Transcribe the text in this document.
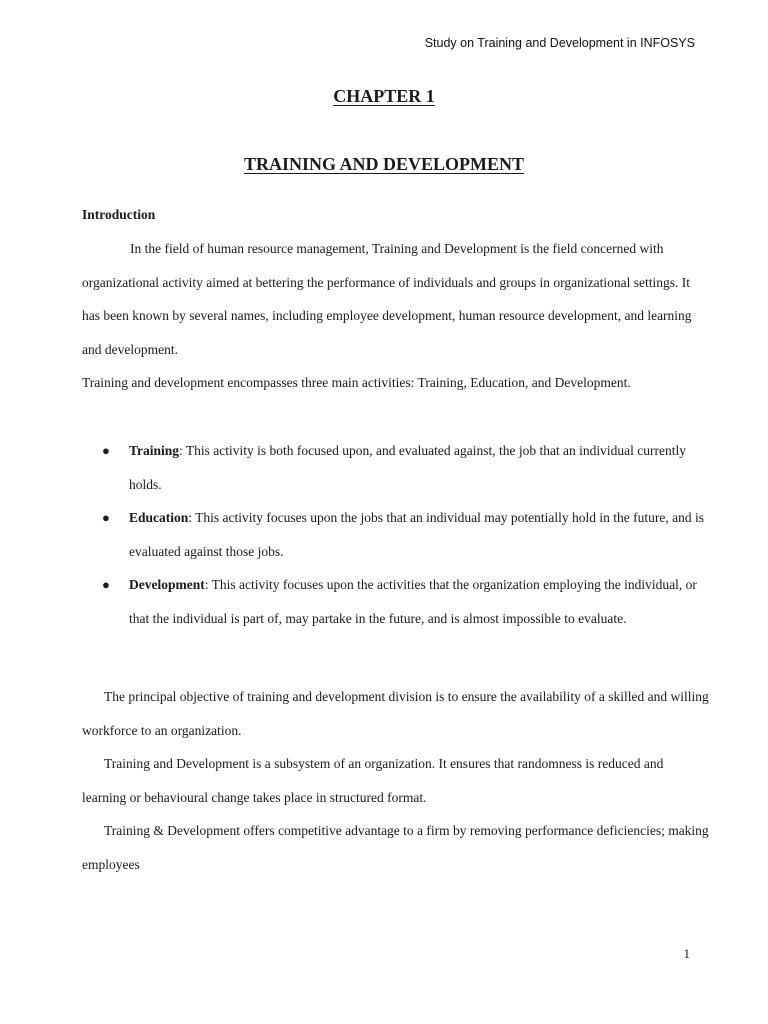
Study on Training and Development in INFOSYS
CHAPTER 1
TRAINING AND DEVELOPMENT
Introduction

In the field of human resource management, Training and Development is the field concerned with organizational activity aimed at bettering the performance of individuals and groups in organizational settings. It has been known by several names, including employee development, human resource development, and learning and development.

Training and development encompasses three main activities: Training, Education, and Development.

● Training: This activity is both focused upon, and evaluated against, the job that an individual currently holds.
● Education: This activity focuses upon the jobs that an individual may potentially hold in the future, and is evaluated against those jobs.
● Development: This activity focuses upon the activities that the organization employing the individual, or that the individual is part of, may partake in the future, and is almost impossible to evaluate.

The principal objective of training and development division is to ensure the availability of a skilled and willing workforce to an organization.

Training and Development is a subsystem of an organization. It ensures that randomness is reduced and learning or behavioural change takes place in structured format.

Training & Development offers competitive advantage to a firm by removing performance deficiencies; making employees

1
